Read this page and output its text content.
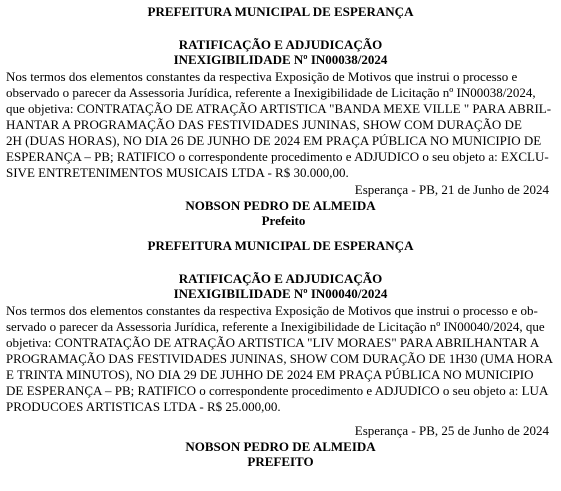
PREFEITURA MUNICIPAL DE ESPERANÇA
RATIFICAÇÃO E ADJUDICAÇÃO
INEXIGIBILIDADE Nº IN00038/2024
Nos termos dos elementos constantes da respectiva Exposição de Motivos que instrui o processo e
observado o parecer da Assessoria Jurídica, referente a Inexigibilidade de Licitação nº IN00038/2024,
que objetiva: CONTRATAÇÃO DE ATRAÇÃO ARTISTICA "BANDA MEXE VILLE " PARA ABRIL-
HANTAR A PROGRAMAÇÃO DAS FESTIVIDADES JUNINAS, SHOW COM DURAÇÃO DE
2H (DUAS HORAS), NO DIA 26 DE JUNHO DE 2024 EM PRAÇA PÚBLICA NO MUNICIPIO DE
ESPERANÇA – PB; RATIFICO o correspondente procedimento e ADJUDICO o seu objeto a: EXCLU-
SIVE ENTRETENIMENTOS MUSICAIS LTDA - R$ 30.000,00.
Esperança - PB, 21 de Junho de 2024
NOBSON PEDRO DE ALMEIDA
Prefeito
PREFEITURA MUNICIPAL DE ESPERANÇA
RATIFICAÇÃO E ADJUDICAÇÃO
INEXIGIBILIDADE Nº IN00040/2024
Nos termos dos elementos constantes da respectiva Exposição de Motivos que instrui o processo e ob-
servado o parecer da Assessoria Jurídica, referente a Inexigibilidade de Licitação nº IN00040/2024, que
objetiva: CONTRATAÇÃO DE ATRAÇÃO ARTISTICA "LIV MORAES" PARA ABRILHANTAR A
PROGRAMAÇÃO DAS FESTIVIDADES JUNINAS, SHOW COM DURAÇÃO DE 1H30 (UMA HORA
E TRINTA MINUTOS), NO DIA 29 DE JUHHO DE 2024 EM PRAÇA PÚBLICA NO MUNICIPIO
DE ESPERANÇA – PB; RATIFICO o correspondente procedimento e ADJUDICO o seu objeto a: LUA
PRODUCOES ARTISTICAS LTDA - R$ 25.000,00.
Esperança - PB, 25 de Junho de 2024
NOBSON PEDRO DE ALMEIDA
PREFEITO
